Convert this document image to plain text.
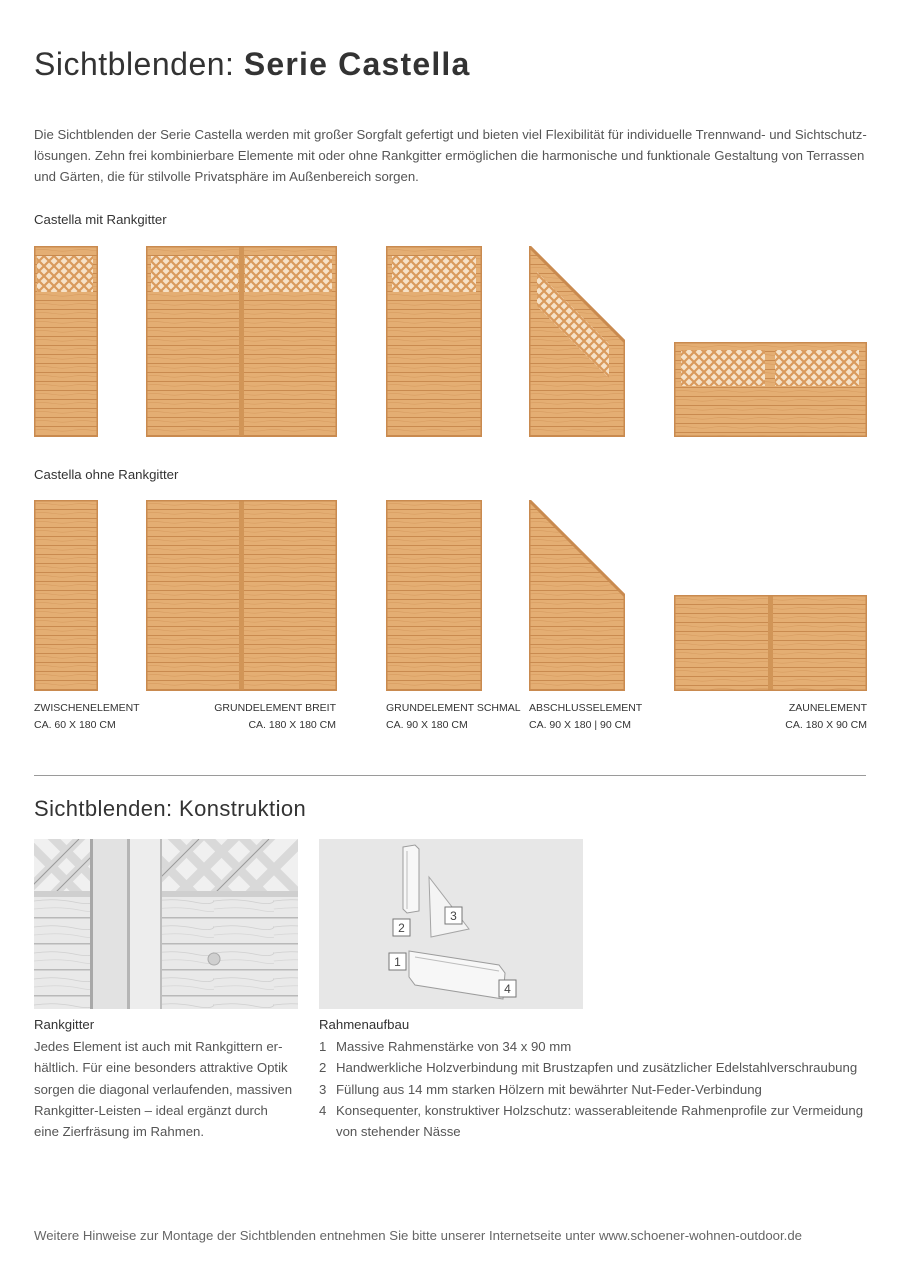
Sichtblenden: Serie Castella
Die Sichtblenden der Serie Castella werden mit großer Sorgfalt gefertigt und bieten viel Flexibilität für individuelle Trennwand- und Sichtschutz-lösungen. Zehn frei kombinierbare Elemente mit oder ohne Rankgitter ermöglichen die harmonische und funktionale Gestaltung von Terrassen und Gärten, die für stilvolle Privatsphäre im Außenbereich sorgen.
Castella mit Rankgitter
Castella ohne Rankgitter
ZWISCHENELEMENT
CA. 60 X 180 CM
GRUNDELEMENT BREIT
CA. 180 X 180 CM
GRUNDELEMENT SCHMAL
CA. 90 X 180 CM
ABSCHLUSSELEMENT
CA. 90 X 180 | 90 CM
ZAUNELEMENT
CA. 180 X 90 CM
Sichtblenden: Konstruktion
2
3
1
4
Rankgitter
Jedes Element ist auch mit Rankgittern er-hältlich. Für eine besonders attraktive Optik sorgen die diagonal verlaufenden, massiven Rankgitter-Leisten – ideal ergänzt durch eine Zierfräsung im Rahmen.
Rahmenaufbau
1 Massive Rahmenstärke von 34 x 90 mm
2 Handwerkliche Holzverbindung mit Brustzapfen und zusätzlicher Edelstahlverschraubung
3 Füllung aus 14 mm starken Hölzern mit bewährter Nut-Feder-Verbindung
4 Konsequenter, konstruktiver Holzschutz: wasserableitende Rahmenprofile zur Vermeidung von stehender Nässe
Weitere Hinweise zur Montage der Sichtblenden entnehmen Sie bitte unserer Internetseite unter www.schoener-wohnen-outdoor.de
